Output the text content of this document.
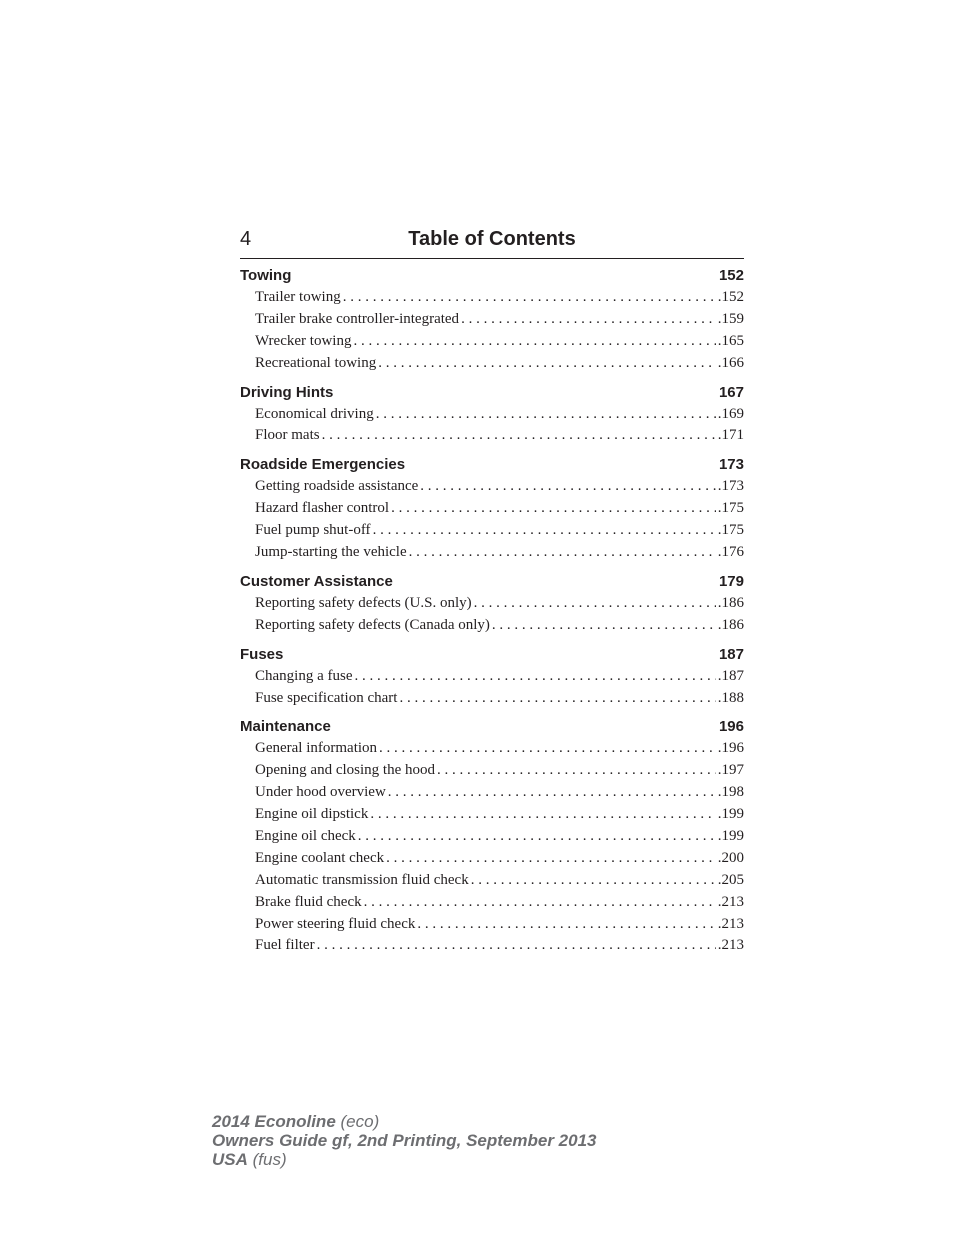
4	Table of Contents
Towing	152
Trailer towing . . .	.152
Trailer brake controller-integrated . . .	.159
Wrecker towing . . .	.165
Recreational towing . . .	.166
Driving Hints	167
Economical driving . . .	.169
Floor mats . . .	.171
Roadside Emergencies	173
Getting roadside assistance . . .	.173
Hazard flasher control . . .	.175
Fuel pump shut-off . . .	.175
Jump-starting the vehicle . . .	.176
Customer Assistance	179
Reporting safety defects (U.S. only) . . .	.186
Reporting safety defects (Canada only) . . .	.186
Fuses	187
Changing a fuse . . .	.187
Fuse specification chart . . .	.188
Maintenance	196
General information . . .	.196
Opening and closing the hood . . .	.197
Under hood overview . . .	.198
Engine oil dipstick . . .	.199
Engine oil check . . .	.199
Engine coolant check . . .	.200
Automatic transmission fluid check . . .	.205
Brake fluid check . . .	.213
Power steering fluid check . . .	.213
Fuel filter . . .	.213
2014 Econoline (eco)
Owners Guide gf, 2nd Printing, September 2013
USA (fus)
